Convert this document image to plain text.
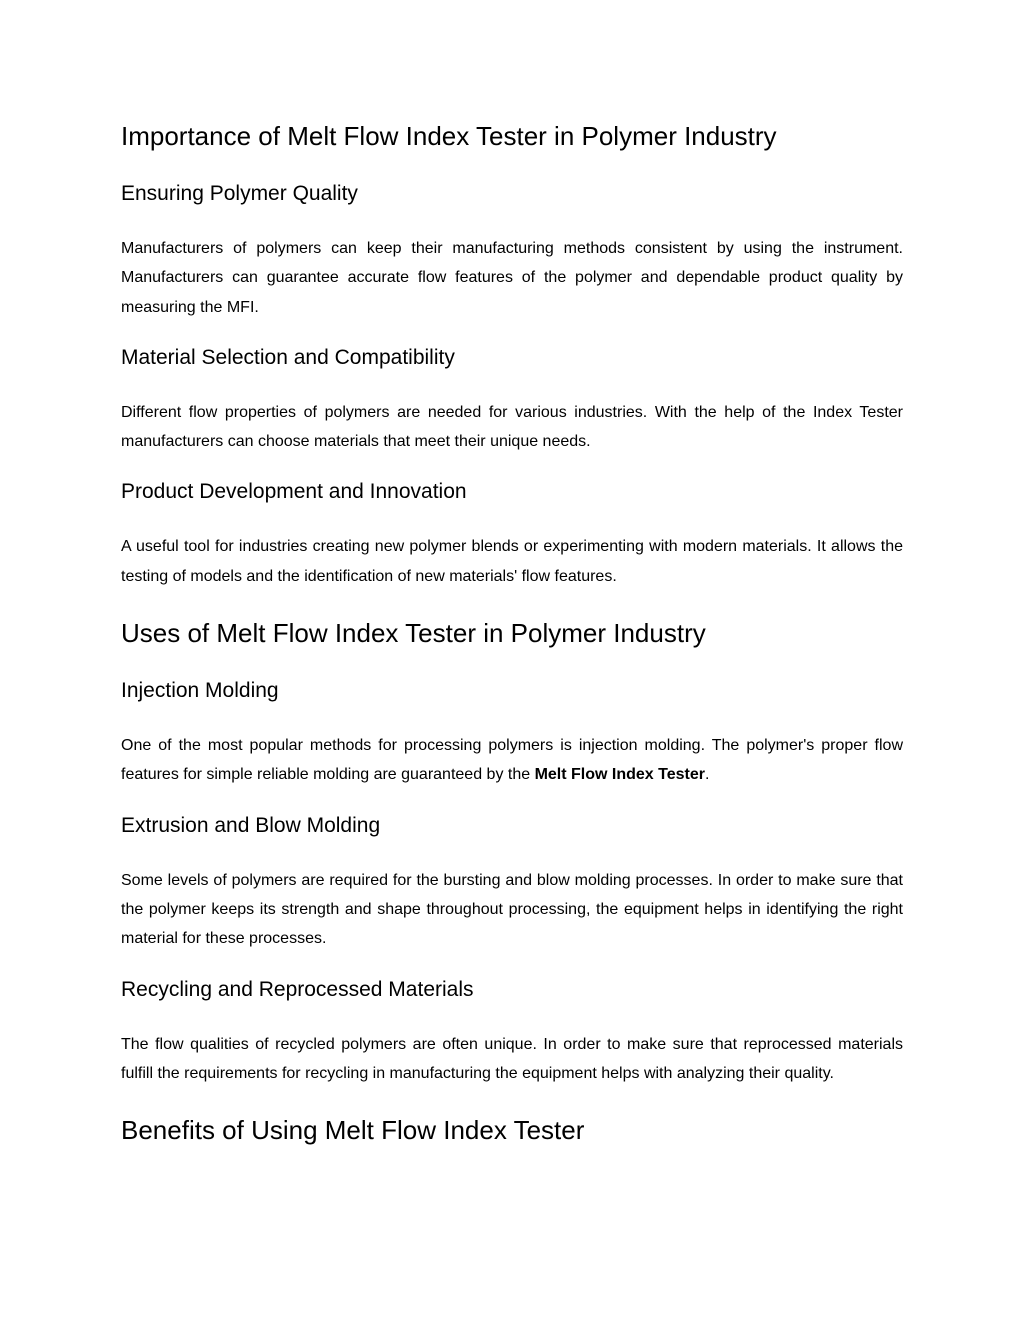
Importance of Melt Flow Index Tester in Polymer Industry
Ensuring Polymer Quality

Manufacturers of polymers can keep their manufacturing methods consistent by using the instrument. Manufacturers can guarantee accurate flow features of the polymer and dependable product quality by measuring the MFI.

Material Selection and Compatibility

Different flow properties of polymers are needed for various industries. With the help of the Index Tester manufacturers can choose materials that meet their unique needs.

Product Development and Innovation

A useful tool for industries creating new polymer blends or experimenting with modern materials. It allows the testing of models and the identification of new materials' flow features.

Uses of Melt Flow Index Tester in Polymer Industry
Injection Molding

One of the most popular methods for processing polymers is injection molding. The polymer's proper flow features for simple reliable molding are guaranteed by the Melt Flow Index Tester.

Extrusion and Blow Molding

Some levels of polymers are required for the bursting and blow molding processes. In order to make sure that the polymer keeps its strength and shape throughout processing, the equipment helps in identifying the right material for these processes.

Recycling and Reprocessed Materials

The flow qualities of recycled polymers are often unique. In order to make sure that reprocessed materials fulfill the requirements for recycling in manufacturing the equipment helps with analyzing their quality.

Benefits of Using Melt Flow Index Tester
